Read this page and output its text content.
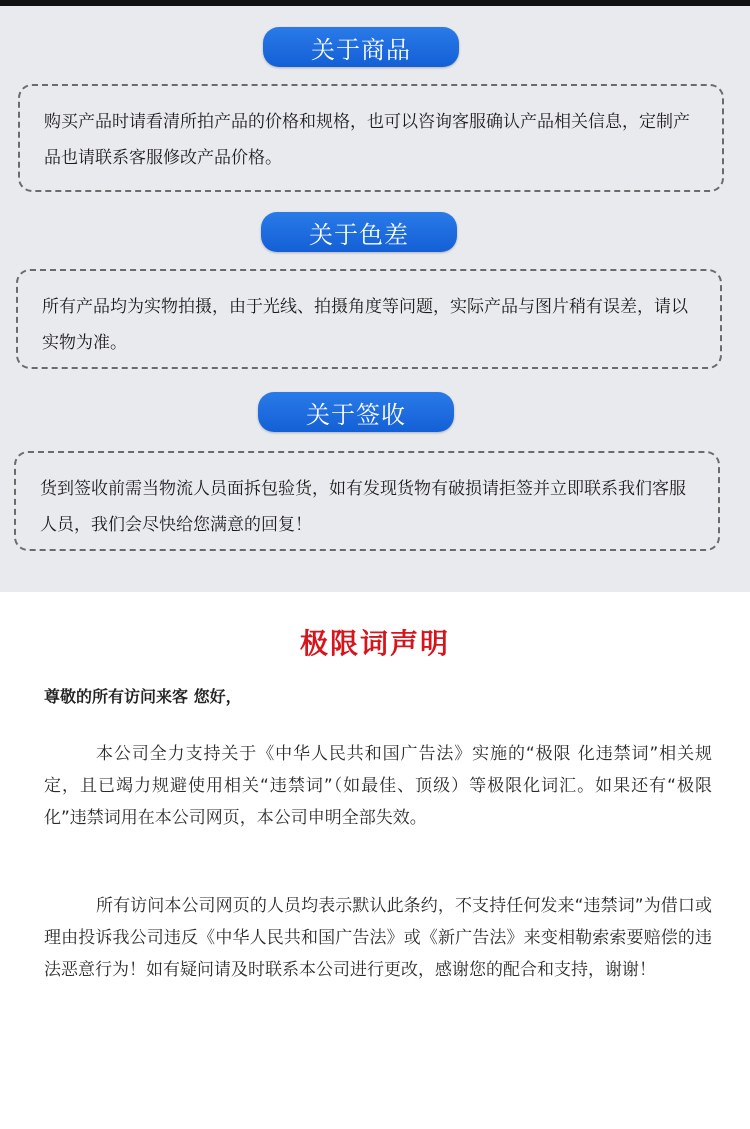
关于商品

购买产品时请看清所拍产品的价格和规格，也可以咨询客服确认产品相关信息，定制产品也请联系客服修改产品价格。

关于色差

所有产品均为实物拍摄，由于光线、拍摄角度等问题，实际产品与图片稍有误差，请以实物为准。

关于签收

货到签收前需当物流人员面拆包验货，如有发现货物有破损请拒签并立即联系我们客服人员，我们会尽快给您满意的回复！

极限词声明
尊敬的所有访问来客 您好，

本公司全力支持关于《中华人民共和国广告法》实施的“极限 化违禁词”相关规定，且已竭力规避使用相关“违禁词”（如最佳、顶级）等极限化词汇。如果还有“极限化”违禁词用在本公司网页，本公司申明全部失效。

所有访问本公司网页的人员均表示默认此条约，不支持任何发来“违禁词”为借口或理由投诉我公司违反《中华人民共和国广告法》或《新广告法》来变相勒索索要赔偿的违法恶意行为！如有疑问请及时联系本公司进行更改，感谢您的配合和支持，谢谢！
